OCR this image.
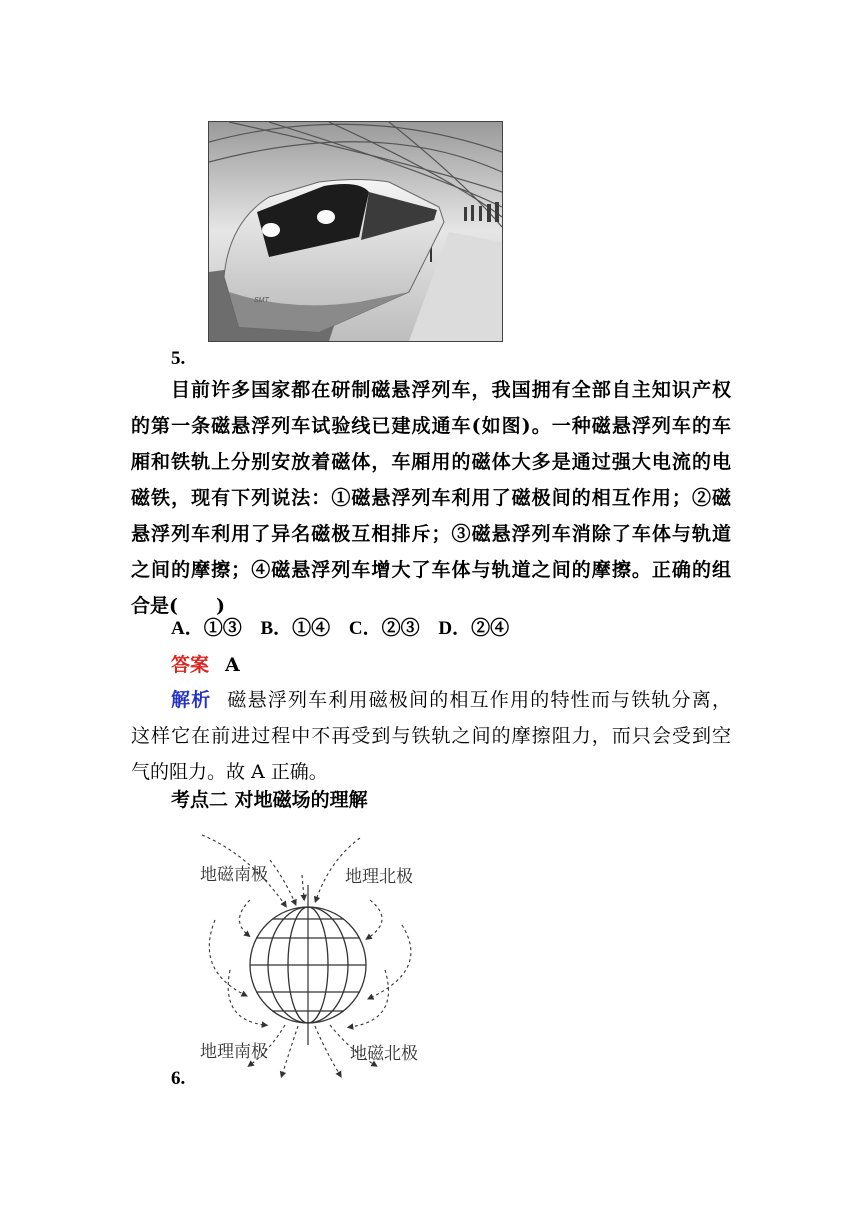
SMT
5.
目前许多国家都在研制磁悬浮列车，我国拥有全部自主知识产权
的第一条磁悬浮列车试验线已建成通车(如图)。一种磁悬浮列车的车
厢和铁轨上分别安放着磁体，车厢用的磁体大多是通过强大电流的电
磁铁，现有下列说法：①磁悬浮列车利用了磁极间的相互作用；②磁
悬浮列车利用了异名磁极互相排斥；③磁悬浮列车消除了车体与轨道
之间的摩擦；④磁悬浮列车增大了车体与轨道之间的摩擦。正确的组
合是(　　)
A．①③ B．①④ C．②③ D．②④
答案 A
解析 磁悬浮列车利用磁极间的相互作用的特性而与铁轨分离，
这样它在前进过程中不再受到与铁轨之间的摩擦阻力，而只会受到空
气的阻力。故 A 正确。
考点二 对地磁场的理解
地磁南极	地理北极
地理南极	地磁北极
6.
